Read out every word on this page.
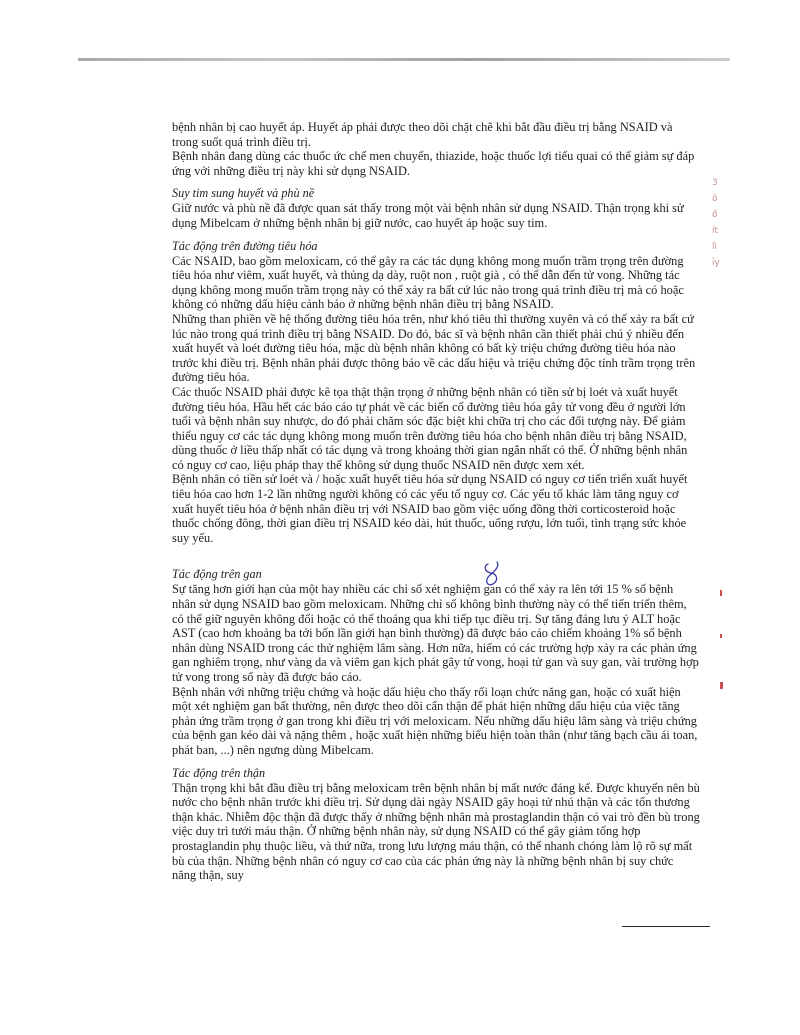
bệnh nhân bị cao huyết áp. Huyết áp phải được theo dõi chặt chẽ khi bắt đầu điều trị bằng NSAID và trong suốt quá trình điều trị.

Bệnh nhân đang dùng các thuốc ức chế men chuyển, thiazide, hoặc thuốc lợi tiểu quai có thể giảm sự đáp ứng với những điều trị này khi sử dụng NSAID.

Suy tim sung huyết và phù nề

Giữ nước và phù nề đã được quan sát thấy trong một vài bệnh nhân sử dụng NSAID. Thận trọng khi sử dụng Mibelcam ở những bệnh nhân bị giữ nước, cao huyết áp hoặc suy tim.

Tác động trên đường tiêu hóa

Các NSAID, bao gồm meloxicam, có thể gây ra các tác dụng không mong muốn trầm trọng trên đường tiêu hóa như viêm, xuất huyết, và thủng dạ dày, ruột non , ruột già , có thể dẫn đến tử vong. Những tác dụng không mong muốn trầm trọng này có thể xảy ra bất cứ lúc nào trong quá trình điều trị mà có hoặc không có những dấu hiệu cảnh báo ở những bệnh nhân điều trị bằng NSAID.

Những than phiền về hệ thống đường tiêu hóa trên, như khó tiêu thì thường xuyên và có thể xảy ra bất cứ lúc nào trong quá trình điều trị bằng NSAID. Do đó, bác sĩ và bệnh nhân cần thiết phải chú ý nhiều đến xuất huyết và loét đường tiêu hóa, mặc dù bệnh nhân không có bất kỳ triệu chứng đường tiêu hóa nào trước khi điều trị. Bệnh nhân phải được thông báo về các dấu hiệu và triệu chứng độc tính trầm trọng trên đường tiêu hóa.

Các thuốc NSAID phải được kê tọa thật thận trọng ở những bệnh nhân có tiền sử bị loét và xuất huyết đường tiêu hóa. Hầu hết các báo cáo tự phát về các biến cố đường tiêu hóa gây tử vong đều ở người lớn tuổi và bệnh nhân suy nhược, do đó phải chăm sóc đặc biệt khi chữa trị cho các đối tượng này. Để giảm thiểu nguy cơ các tác dụng không mong muốn trên đường tiêu hóa cho bệnh nhân điều trị bằng NSAID, dùng thuốc ở liều thấp nhất có tác dụng và trong khoảng thời gian ngắn nhất có thể. Ở những bệnh nhân có nguy cơ cao, liệu pháp thay thế không sử dụng thuốc NSAID nên được xem xét.

Bệnh nhân có tiền sử loét và / hoặc xuất huyết tiêu hóa sử dụng NSAID có nguy cơ tiến triển xuất huyết tiêu hóa cao hơn 1-2 lần những người không có các yếu tố nguy cơ. Các yếu tố khác làm tăng nguy cơ xuất huyết tiêu hóa ở bệnh nhân điều trị với NSAID bao gồm việc uống đồng thời corticosteroid hoặc thuốc chống đông, thời gian điều trị NSAID kéo dài, hút thuốc, uống rượu, lớn tuổi, tình trạng sức khỏe suy yếu.

Tác động trên gan

Sự tăng hơn giới hạn của một hay nhiều các chỉ số xét nghiệm gan có thể xảy ra lên tới 15 % số bệnh nhân sử dụng NSAID bao gồm meloxicam. Những chỉ số không bình thường này có thể tiến triển thêm, có thể giữ nguyên không đổi hoặc có thể thoáng qua khi tiếp tục điều trị. Sự tăng đáng lưu ý ALT hoặc AST (cao hơn khoảng ba tới bốn lần giới hạn bình thường) đã được báo cáo chiếm khoảng 1% số bệnh nhân dùng NSAID trong các thử nghiệm lâm sàng. Hơn nữa, hiếm có các trường hợp xảy ra các phản ứng gan nghiêm trọng, như vàng da và viêm gan kịch phát gây tử vong, hoại tử gan và suy gan, vài trường hợp tử vong trong số này đã được báo cáo.

Bệnh nhân với những triệu chứng và hoặc dấu hiệu cho thấy rối loạn chức năng gan, hoặc có xuất hiện một xét nghiệm gan bất thường, nên được theo dõi cẩn thận để phát hiện những dấu hiệu của việc tăng phản ứng trầm trọng ở gan trong khi điều trị với meloxicam. Nếu những dấu hiệu lâm sàng và triệu chứng của bệnh gan kéo dài và nặng thêm , hoặc xuất hiện những biểu hiện toàn thân (như tăng bạch cầu ái toan, phát ban, ...) nên ngưng dùng Mibelcam.

Tác động trên thận

Thận trọng khi bắt đầu điều trị bằng meloxicam trên bệnh nhân bị mất nước đáng kể. Được khuyến nên bù nước cho bệnh nhân trước khi điều trị. Sử dụng dài ngày NSAID gây hoại tử nhú thận và các tổn thương thận khác. Nhiễm độc thận đã được thấy ở những bệnh nhân mà prostaglandin thận có vai trò đền bù trong việc duy trì tưới máu thận. Ở những bệnh nhân này, sử dụng NSAID có thể gây giảm tổng hợp prostaglandin phụ thuộc liều, và thứ nữa, trong lưu lượng máu thận, có thể nhanh chóng làm lộ rõ sự mất bù của thận. Những bệnh nhân có nguy cơ cao của các phản ứng này là những bệnh nhân bị suy chức năng thận, suy

3
ô
ő
ít
lì
ỉy
